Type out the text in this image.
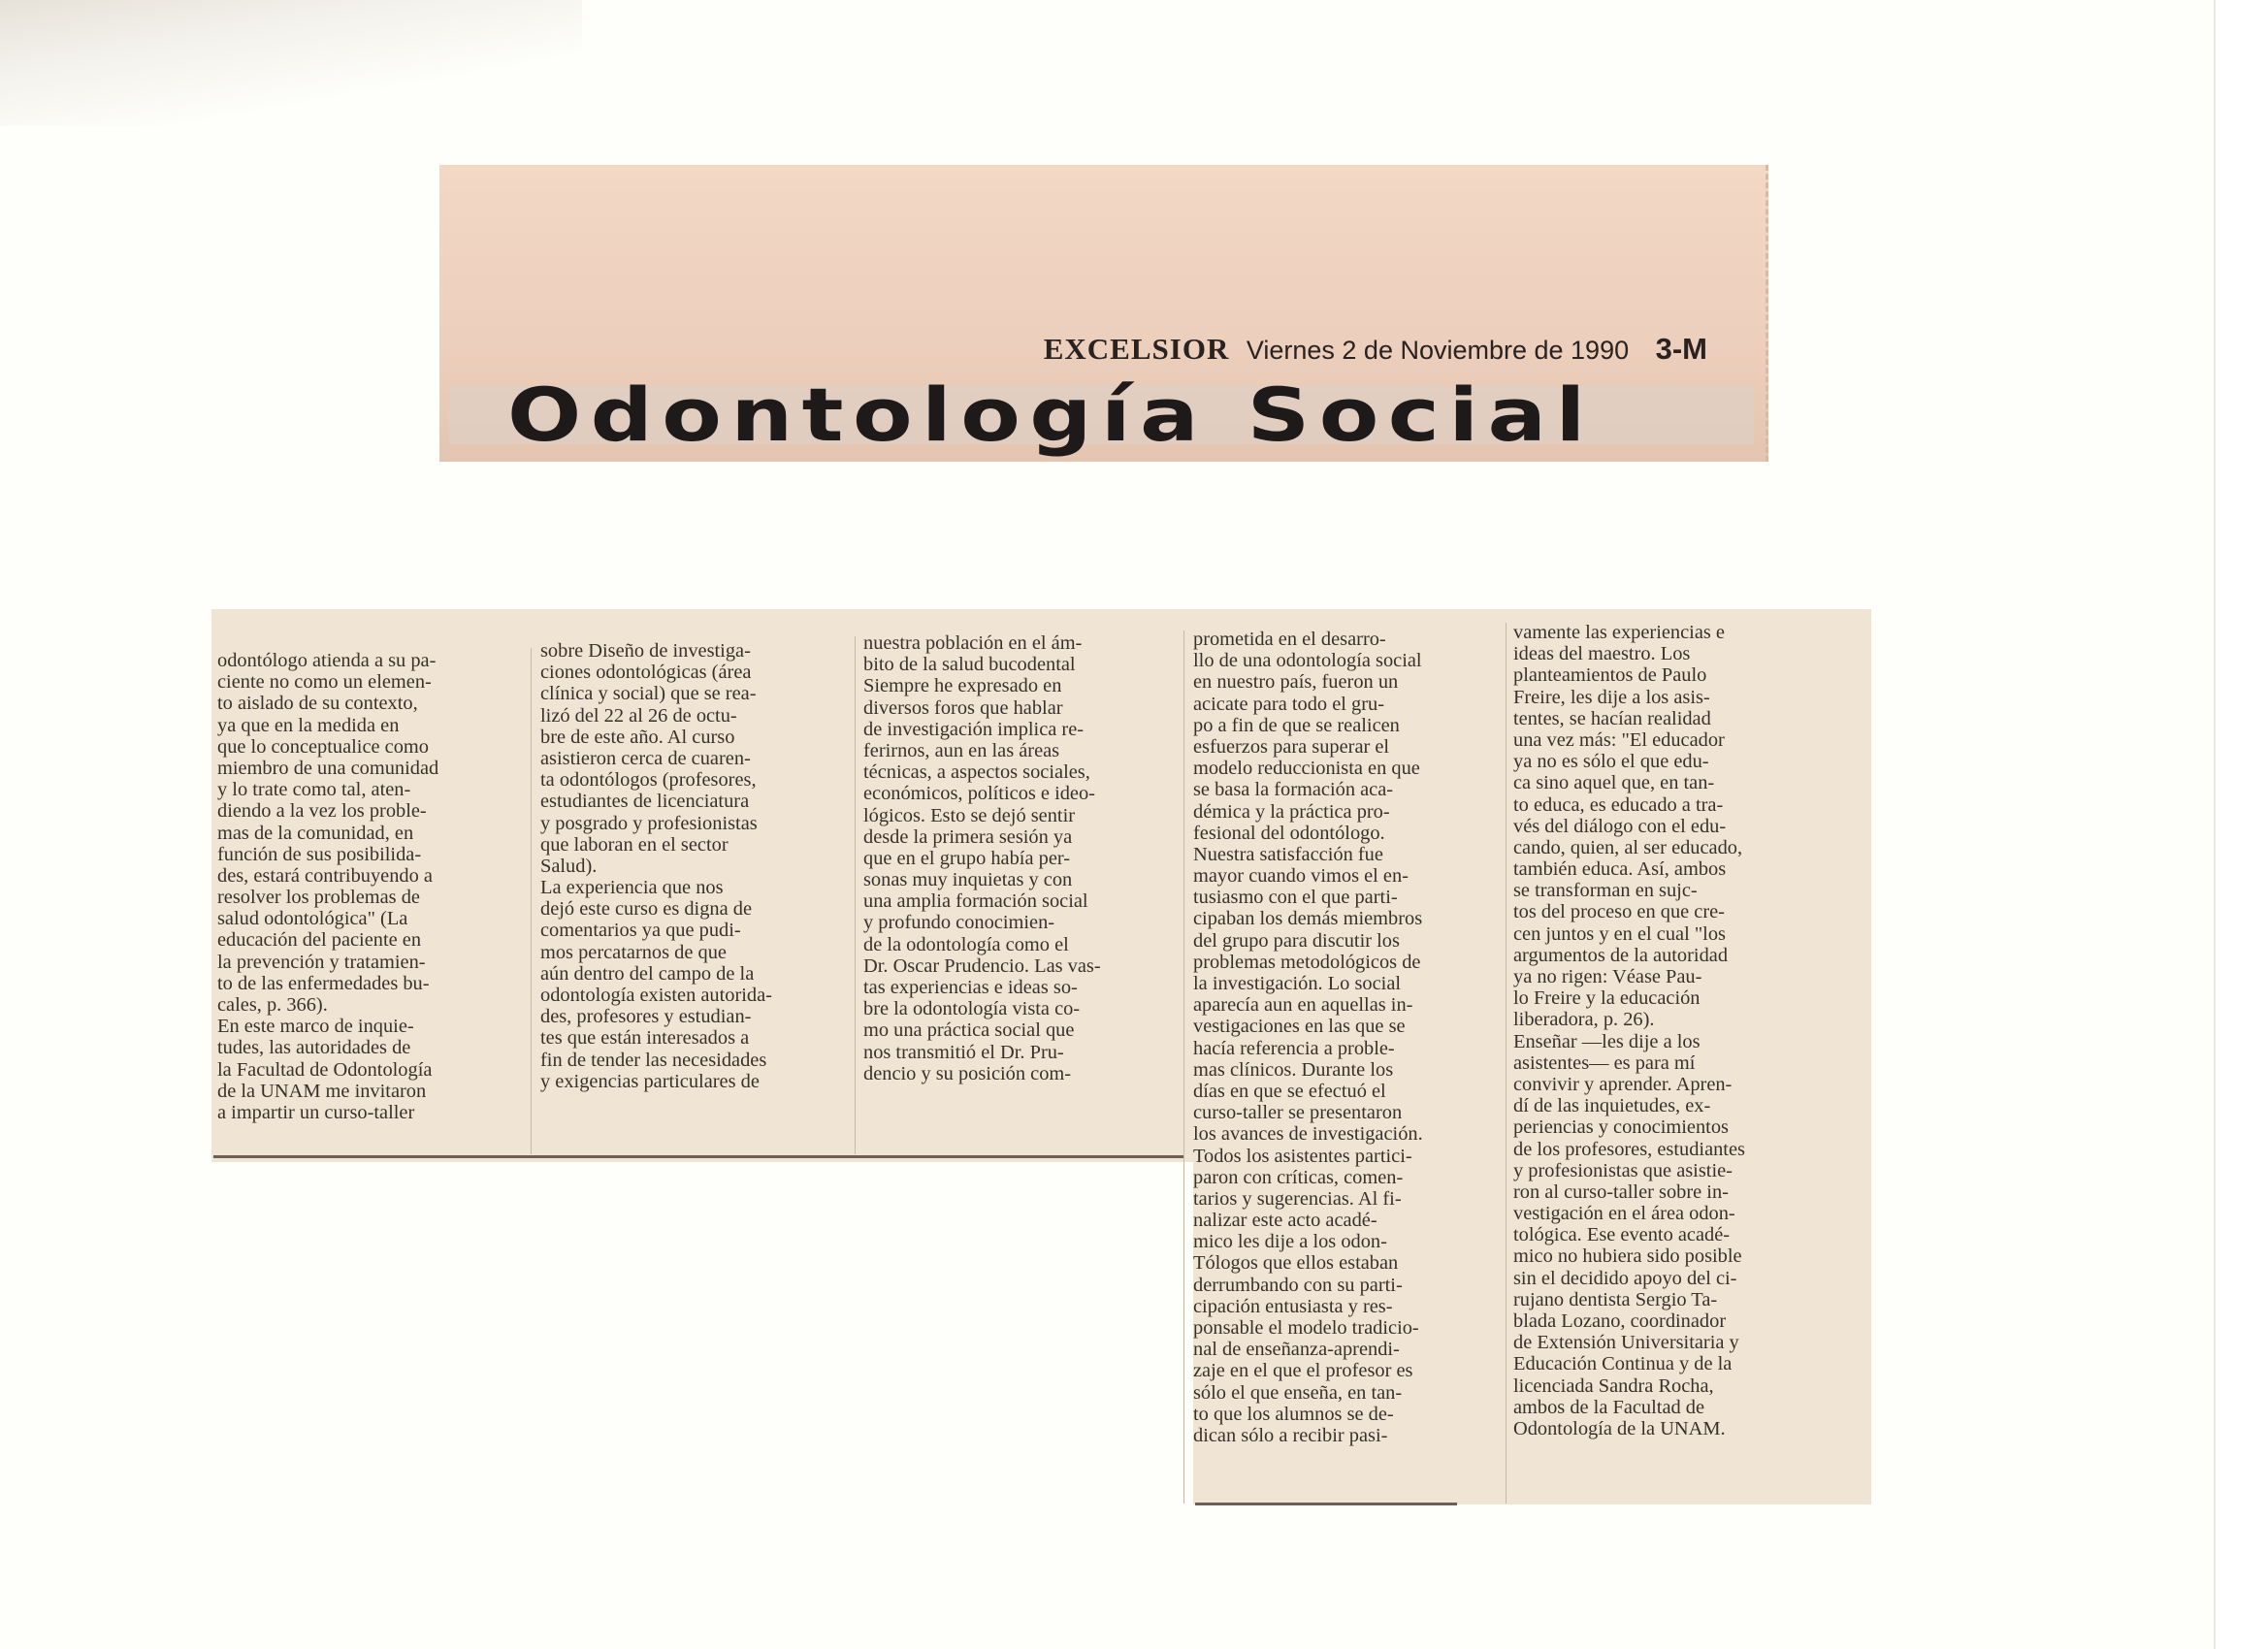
EXCELSIOR Viernes 2 de Noviembre de 1990 3-M
Odontología Social
odontólogo atienda a su pa-
ciente no como un elemen-
to aislado de su contexto,
ya que en la medida en
que lo conceptualice como
miembro de una comunidad
y lo trate como tal, aten-
diendo a la vez los proble-
mas de la comunidad, en
función de sus posibilida-
des, estará contribuyendo a
resolver los problemas de
salud odontológica" (La
educación del paciente en
la prevención y tratamien-
to de las enfermedades bu-
cales, p. 366).
En este marco de inquie-
tudes, las autoridades de
la Facultad de Odontología
de la UNAM me invitaron
a impartir un curso-taller
sobre Diseño de investiga-
ciones odontológicas (área
clínica y social) que se rea-
lizó del 22 al 26 de octu-
bre de este año. Al curso
asistieron cerca de cuaren-
ta odontólogos (profesores,
estudiantes de licenciatura
y posgrado y profesionistas
que laboran en el sector
Salud).
La experiencia que nos
dejó este curso es digna de
comentarios ya que pudi-
mos percatarnos de que
aún dentro del campo de la
odontología existen autorida-
des, profesores y estudian-
tes que están interesados a
fin de tender las necesidades
y exigencias particulares de
nuestra población en el ám-
bito de la salud bucodental
Siempre he expresado en
diversos foros que hablar
de investigación implica re-
ferirnos, aun en las áreas
técnicas, a aspectos sociales,
económicos, políticos e ideo-
lógicos. Esto se dejó sentir
desde la primera sesión ya
que en el grupo había per-
sonas muy inquietas y con
una amplia formación social
y profundo conocimien-
de la odontología como el
Dr. Oscar Prudencio. Las vas-
tas experiencias e ideas so-
bre la odontología vista co-
mo una práctica social que
nos transmitió el Dr. Pru-
dencio y su posición com-
prometida en el desarro-
llo de una odontología social
en nuestro país, fueron un
acicate para todo el gru-
po a fin de que se realicen
esfuerzos para superar el
modelo reduccionista en que
se basa la formación aca-
démica y la práctica pro-
fesional del odontólogo.
Nuestra satisfacción fue
mayor cuando vimos el en-
tusiasmo con el que parti-
cipaban los demás miembros
del grupo para discutir los
problemas metodológicos de
la investigación. Lo social
aparecía aun en aquellas in-
vestigaciones en las que se
hacía referencia a proble-
mas clínicos. Durante los
días en que se efectuó el
curso-taller se presentaron
los avances de investigación.
Todos los asistentes partici-
paron con críticas, comen-
tarios y sugerencias. Al fi-
nalizar este acto acadé-
mico les dije a los odon-
Tólogos que ellos estaban
derrumbando con su parti-
cipación entusiasta y res-
ponsable el modelo tradicio-
nal de enseñanza-aprendi-
zaje en el que el profesor es
sólo el que enseña, en tan-
to que los alumnos se de-
dican sólo a recibir pasi-
vamente las experiencias e
ideas del maestro. Los
planteamientos de Paulo
Freire, les dije a los asis-
tentes, se hacían realidad
una vez más: "El educador
ya no es sólo el que edu-
ca sino aquel que, en tan-
to educa, es educado a tra-
vés del diálogo con el edu-
cando, quien, al ser educado,
también educa. Así, ambos
se transforman en sujc-
tos del proceso en que cre-
cen juntos y en el cual "los
argumentos de la autoridad
ya no rigen: Véase Pau-
lo Freire y la educación
liberadora, p. 26).
Enseñar —les dije a los
asistentes— es para mí
convivir y aprender. Apren-
dí de las inquietudes, ex-
periencias y conocimientos
de los profesores, estudiantes
y profesionistas que asistie-
ron al curso-taller sobre in-
vestigación en el área odon-
tológica. Ese evento acadé-
mico no hubiera sido posible
sin el decidido apoyo del ci-
rujano dentista Sergio Ta-
blada Lozano, coordinador
de Extensión Universitaria y
Educación Continua y de la
licenciada Sandra Rocha,
ambos de la Facultad de
Odontología de la UNAM.
